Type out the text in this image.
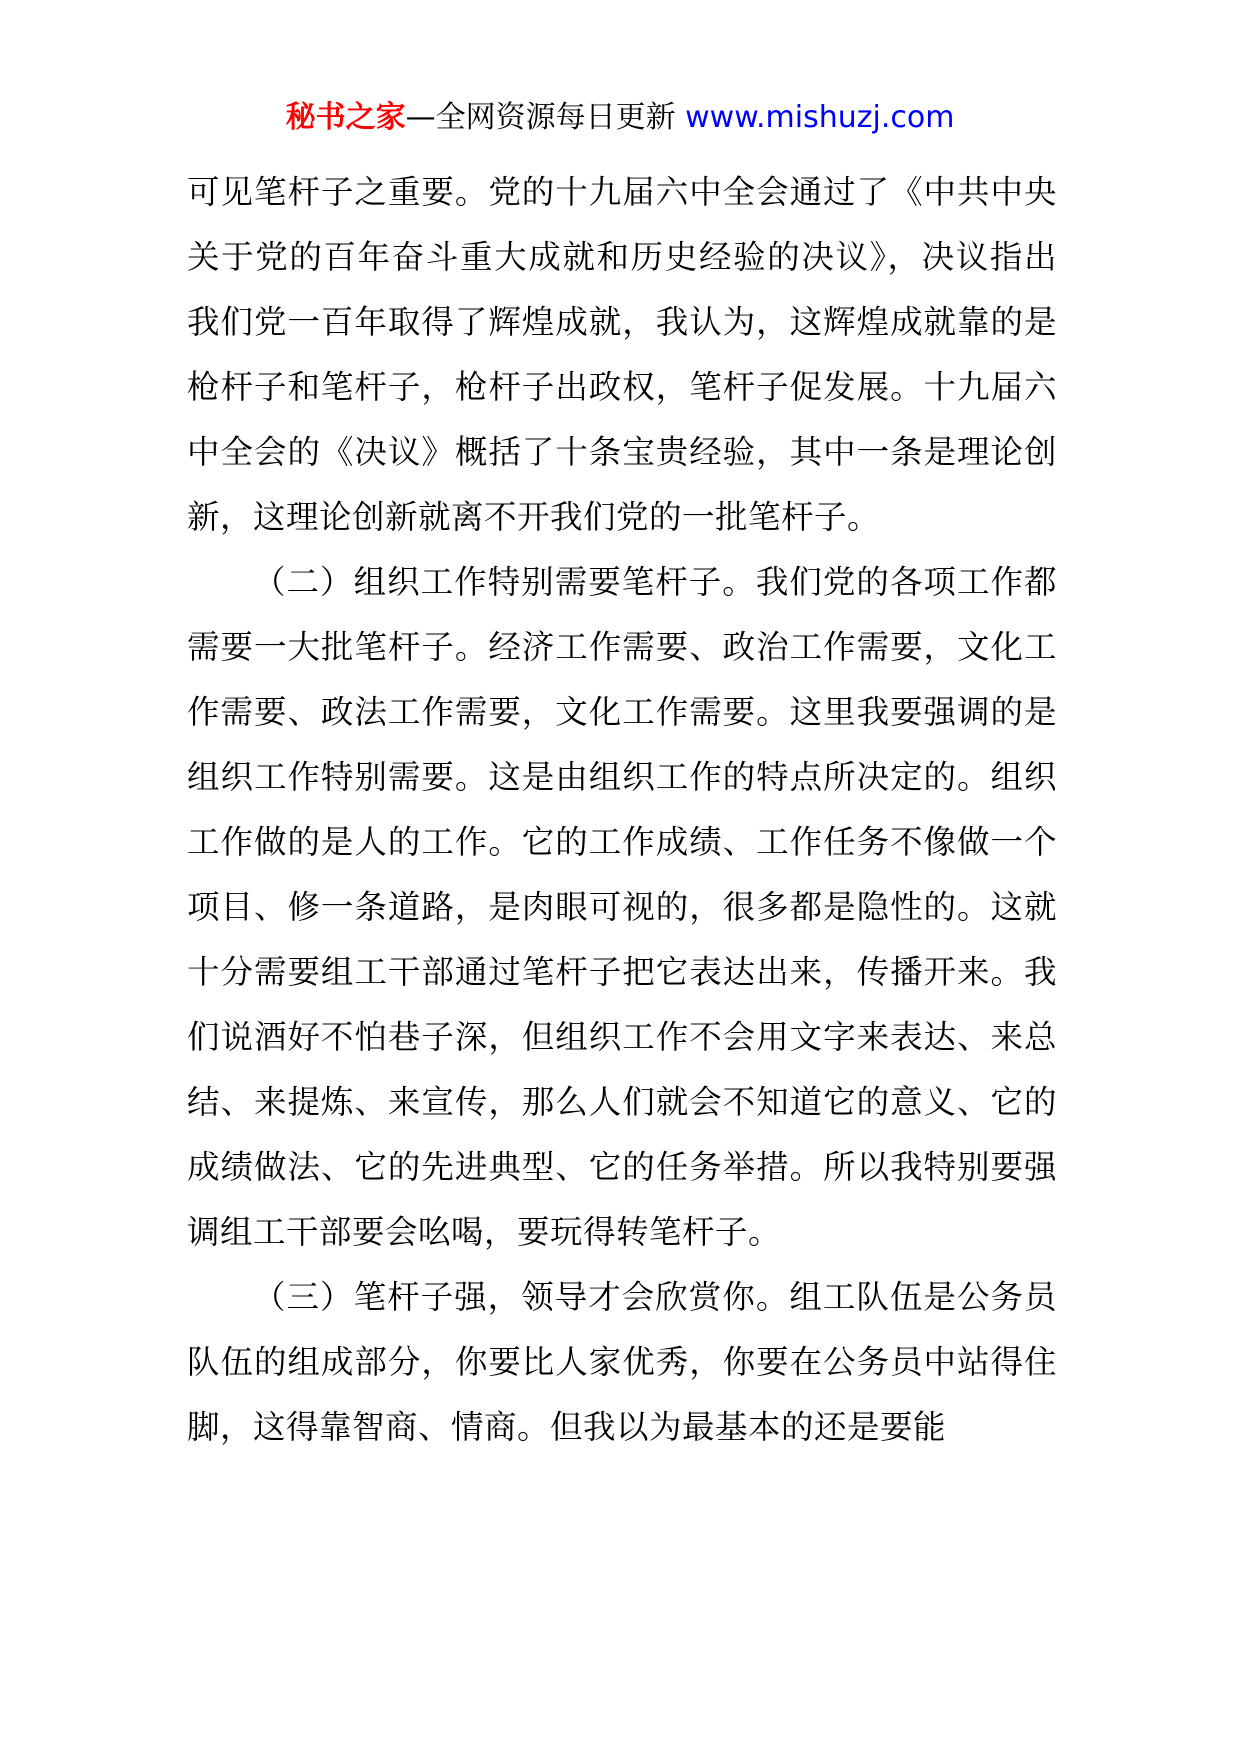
秘书之家—全网资源每日更新 www.mishuzj.com

可见笔杆子之重要。党的十九届六中全会通过了《中共中央关于党的百年奋斗重大成就和历史经验的决议》，决议指出我们党一百年取得了辉煌成就，我认为，这辉煌成就靠的是枪杆子和笔杆子，枪杆子出政权，笔杆子促发展。十九届六中全会的《决议》概括了十条宝贵经验，其中一条是理论创新，这理论创新就离不开我们党的一批笔杆子。

（二）组织工作特别需要笔杆子。我们党的各项工作都需要一大批笔杆子。经济工作需要、政治工作需要，文化工作需要、政法工作需要，文化工作需要。这里我要强调的是组织工作特别需要。这是由组织工作的特点所决定的。组织工作做的是人的工作。它的工作成绩、工作任务不像做一个项目、修一条道路，是肉眼可视的，很多都是隐性的。这就十分需要组工干部通过笔杆子把它表达出来，传播开来。我们说酒好不怕巷子深，但组织工作不会用文字来表达、来总结、来提炼、来宣传，那么人们就会不知道它的意义、它的成绩做法、它的先进典型、它的任务举措。所以我特别要强调组工干部要会吆喝，要玩得转笔杆子。

（三）笔杆子强，领导才会欣赏你。组工队伍是公务员队伍的组成部分，你要比人家优秀，你要在公务员中站得住脚，这得靠智商、情商。但我以为最基本的还是要能
